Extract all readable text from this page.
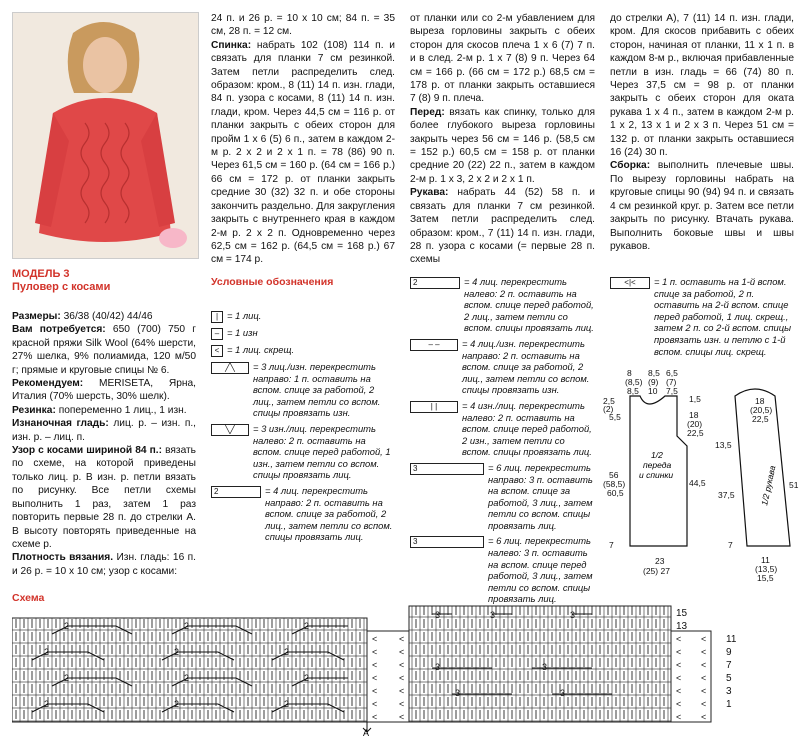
МОДЕЛЬ 3
Пуловер с косами
Размеры: 36/38 (40/42) 44/46
Вам потребуется: 650 (700) 750 г красной пряжи Silk Wool (64% шерсти, 27% шелка, 9% полиамида, 120 м/50 г; прямые и круговые спицы № 6.
Рекомендуем: MERISETA, Ярна, Италия (70% шерсть, 30% шелк).
Резинка: попеременно 1 лиц., 1 изн.
Изнаночная гладь: лиц. р. – изн. п., изн. р. – лиц. п.
Узор с косами шириной 84 п.: вязать по схеме, на которой приведены только лиц. р. В изн. р. петли вязать по рисунку. Все петли схемы выполнить 1 раз, затем 1 раз повторить первые 28 п. до стрелки А. В высоту повторять приведенные на схеме р.
Плотность вязания. Изн. гладь: 16 п. и 26 р. = 10 х 10 см; узор с косами:
24 п. и 26 р. = 10 х 10 см; 84 п. = 35 см, 28 п. = 12 см.
Спинка: набрать 102 (108) 114 п. и связать для планки 7 см резинкой. Затем петли распределить след. образом: кром., 8 (11) 14 п. изн. глади, 84 п. узора с косами, 8 (11) 14 п. изн. глади, кром. Через 44,5 см = 116 р. от планки закрыть с обеих сторон для пройм 1 х 6 (5) 6 п., затем в каждом 2-м р. 2 х 2 и 2 х 1 п. = 78 (86) 90 п. Через 61,5 см = 160 р. (64 см = 166 р.) 66 см = 172 р. от планки закрыть средние 30 (32) 32 п. и обе стороны закончить раздельно. Для закругления закрыть с внутреннего края в каждом 2-м р. 2 х 2 п. Одновременно через 62,5 см = 162 р. (64,5 см = 168 р.) 67 см = 174 р.
от планки или со 2-м убавлением для выреза горловины закрыть с обеих сторон для скосов плеча 1 х 6 (7) 7 п. и в след. 2-м р. 1 х 7 (8) 9 п. Через 64 см = 166 р. (66 см = 172 р.) 68,5 см = 178 р. от планки закрыть оставшиеся 7 (8) 9 п. плеча.
Перед: вязать как спинку, только для более глубокого выреза горловины закрыть через 56 см = 146 р. (58,5 см = 152 р.) 60,5 см = 158 р. от планки средние 20 (22) 22 п., затем в каждом 2-м р. 1 х 3, 2 х 2 и 2 х 1 п.
Рукава: набрать 44 (52) 58 п. и связать для планки 7 см резинкой. Затем петли распределить след. образом: кром., 7 (11) 14 п. изн. глади, 28 п. узора с косами (= первые 28 п. схемы
до стрелки А), 7 (11) 14 п. изн. глади, кром. Для скосов прибавить с обеих сторон, начиная от планки, 11 х 1 п. в каждом 8-м р., включая прибавленные петли в изн. гладь = 66 (74) 80 п. Через 37,5 см = 98 р. от планки закрыть с обеих сторон для оката рукава 1 х 4 п., затем в каждом 2-м р. 1 х 2, 13 х 1 и 2 х 3 п. Через 51 см = 132 р. от планки закрыть оставшиеся 16 (24) 30 п.
Сборка: выполнить плечевые швы. По вырезу горловины набрать на круговые спицы 90 (94) 94 п. и связать 4 см резинкой круг. р. Затем все петли закрыть по рисунку. Втачать рукава. Выполнить боковые швы и швы рукавов.
Условные обозначения
| = 1 лиц.
– = 1 изн
< = 1 лиц. скрещ.
╱╲	= 3 лиц./изн. перекрестить направо: 1 п. оставить на вспом. спице за работой, 2 лиц., затем петли со вспом. спицы провязать изн.
╲╱	= 3 изн./лиц. перекрестить налево: 2 п. оставить на вспом. спице перед работой, 1 изн., затем петли со вспом. спицы провязать лиц.
2	= 4 лиц. перекрестить направо: 2 п. оставить на вспом. спице за работой, 2 лиц., затем петли со вспом. спицы провязать лиц.
2	= 4 лиц. перекрестить налево: 2 п. оставить на вспом. спице перед работой, 2 лиц., затем петли со вспом. спицы провязать лиц.
– –	= 4 лиц./изн. перекрестить направо: 2 п. оставить на вспом. спице за работой, 2 лиц., затем петли со вспом. спицы провязать изн.
| |	= 4 изн./лиц. перекрестить налево: 2 п. оставить на вспом. спице перед работой, 2 изн., затем петли со вспом. спицы провязать лиц.
3	= 6 лиц. перекрестить направо: 3 п. оставить на вспом. спице за работой, 3 лиц., затем петли со вспом. спицы провязать лиц.
3	= 6 лиц. перекрестить налево: 3 п. оставить на вспом. спице перед работой, 3 лиц., затем петли со вспом. спицы провязать лиц.
<|<	= 1 п. оставить на 1-й вспом. спице за работой, 2 п. оставить на 2-й вспом. спице перед работой, 1 лиц. скрещ., затем 2 п. со 2-й вспом. спицы провязать изн. и петлю с 1-й вспом. спицы лиц. скрещ.
8
(8,5)
8,5
8,5
(9)
10
6,5
(7)
7,5
2,5
(2)
5,5
1,5
18
(20)
22,5
13,5
56
(58,5)
60,5
44,5
7
23
(25) 27
18
(20,5)
22,5
37,5
51
7
11
(13,5)
15,5
1/2 переда и спинки	1/2 рукава
Схема
2	2	2
2	2	2
2	2	2
2	2	2
3	3	3
3	3
3	3
<
<
<
<
<
<
<
<
<
<
<
<
<
<
<
<
<
<
<
<
<
<
<
<
<
<
<
<
15
13
11
9
7
5
3
1
A
